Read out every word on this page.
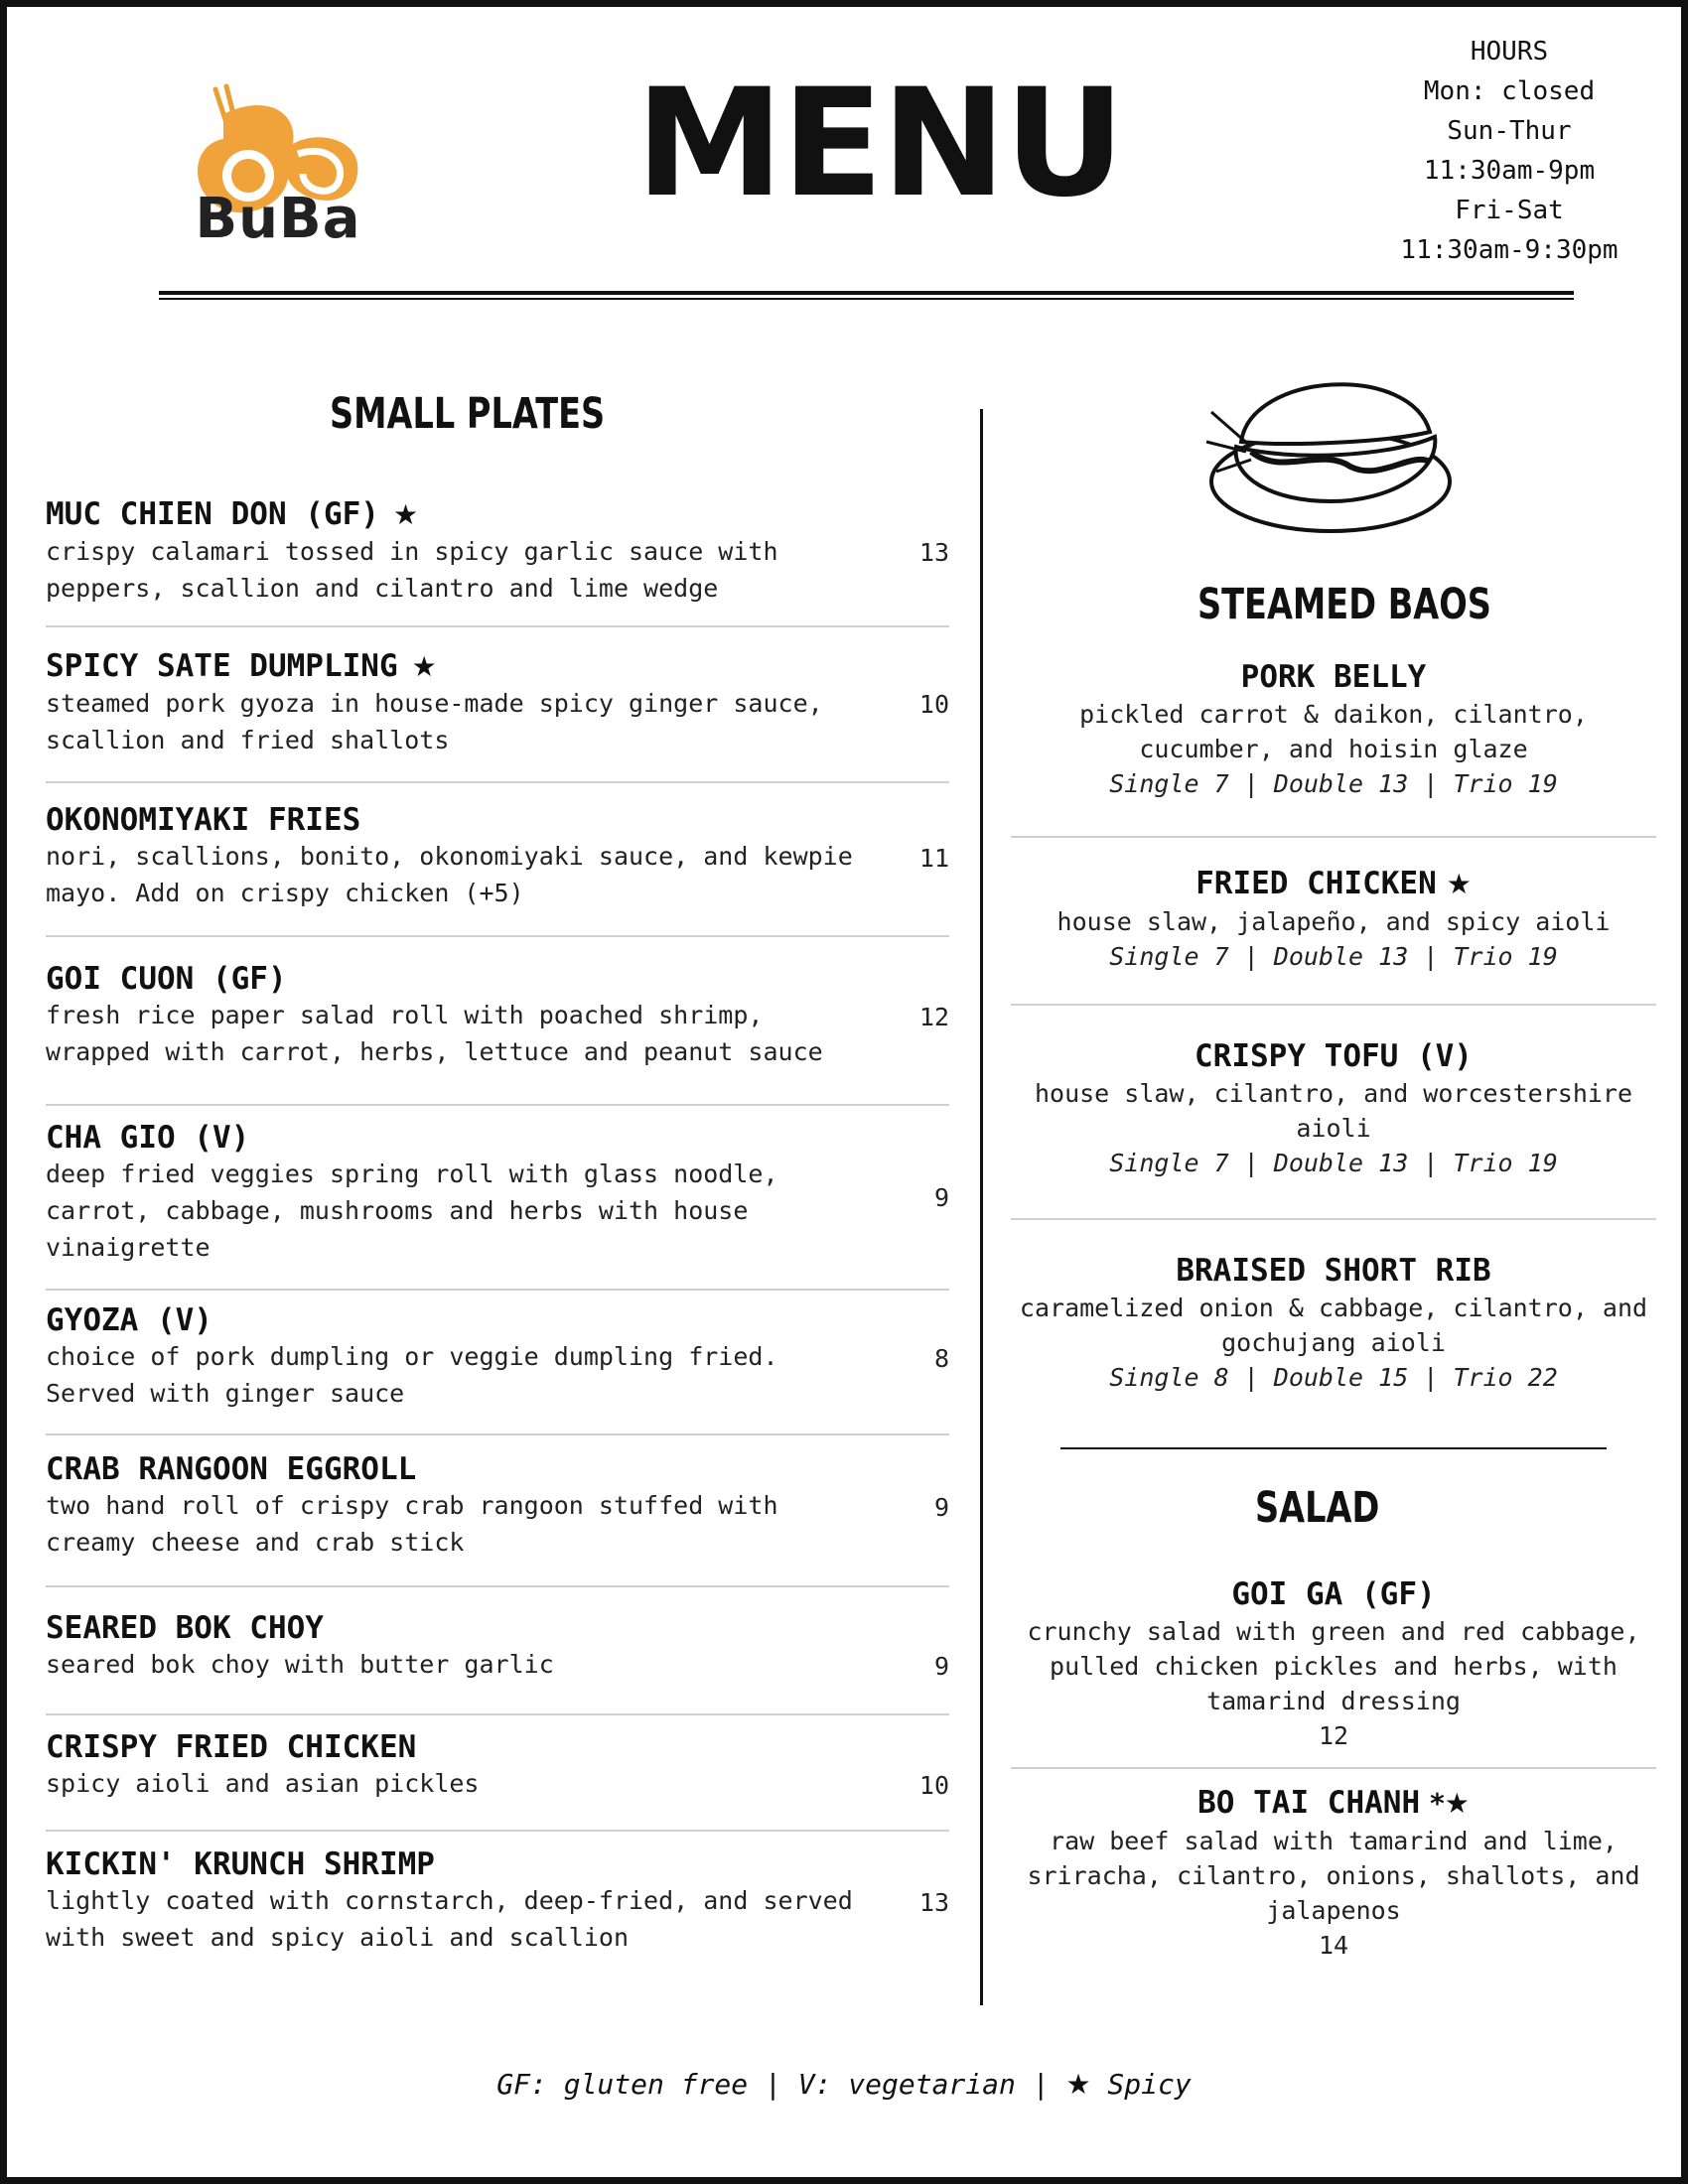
BuBa MENU
HOURS
Mon: closed
Sun-Thur
11:30am-9pm
Fri-Sat
11:30am-9:30pm
SMALL PLATES
MUC CHIEN DON (GF) ★
crispy calamari tossed in spicy garlic sauce with peppers, scallion and cilantro and lime wedge
13
SPICY SATE DUMPLING ★
steamed pork gyoza in house-made spicy ginger sauce, scallion and fried shallots
10
OKONOMIYAKI FRIES
nori, scallions, bonito, okonomiyaki sauce, and kewpie mayo. Add on crispy chicken (+5)
11
GOI CUON (GF)
fresh rice paper salad roll with poached shrimp, wrapped with carrot, herbs, lettuce and peanut sauce
12
CHA GIO (V)
deep fried veggies spring roll with glass noodle, carrot, cabbage, mushrooms and herbs with house vinaigrette
9
GYOZA (V)
choice of pork dumpling or veggie dumpling fried. Served with ginger sauce
8
CRAB RANGOON EGGROLL
two hand roll of crispy crab rangoon stuffed with creamy cheese and crab stick
9
SEARED BOK CHOY
seared bok choy with butter garlic	9
CRISPY FRIED CHICKEN
spicy aioli and asian pickles	10
KICKIN' KRUNCH SHRIMP
lightly coated with cornstarch, deep-fried, and served with sweet and spicy aioli and scallion
13
STEAMED BAOS
PORK BELLY
pickled carrot & daikon, cilantro, cucumber, and hoisin glaze
Single 7 | Double 13 | Trio 19
FRIED CHICKEN ★
house slaw, jalapeño, and spicy aioli
Single 7 | Double 13 | Trio 19
CRISPY TOFU (V)
house slaw, cilantro, and worcestershire aioli
Single 7 | Double 13 | Trio 19
BRAISED SHORT RIB
caramelized onion & cabbage, cilantro, and gochujang aioli
Single 8 | Double 15 | Trio 22
SALAD
GOI GA (GF)
crunchy salad with green and red cabbage, pulled chicken pickles and herbs, with tamarind dressing
12
BO TAI CHANH *★
raw beef salad with tamarind and lime, sriracha, cilantro, onions, shallots, and jalapenos
14
GF: gluten free | V: vegetarian | ★ Spicy
